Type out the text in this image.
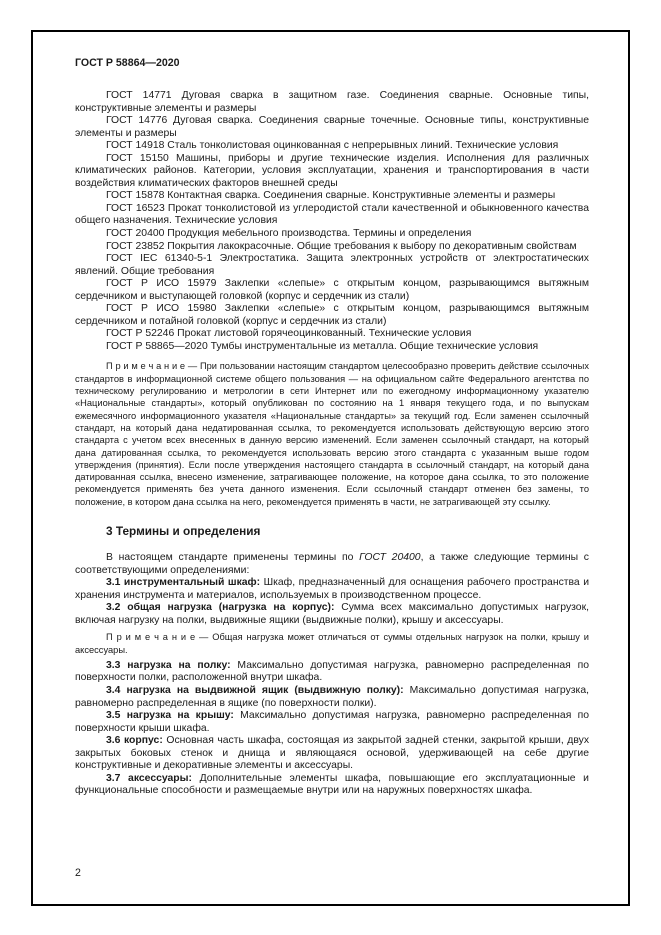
ГОСТ Р 58864—2020

ГОСТ 14771 Дуговая сварка в защитном газе. Соединения сварные. Основные типы, конструктивные элементы и размеры

ГОСТ 14776 Дуговая сварка. Соединения сварные точечные. Основные типы, конструктивные элементы и размеры

ГОСТ 14918 Сталь тонколистовая оцинкованная с непрерывных линий. Технические условия

ГОСТ 15150 Машины, приборы и другие технические изделия. Исполнения для различных климатических районов. Категории, условия эксплуатации, хранения и транспортирования в части воздействия климатических факторов внешней среды

ГОСТ 15878 Контактная сварка. Соединения сварные. Конструктивные элементы и размеры

ГОСТ 16523 Прокат тонколистовой из углеродистой стали качественной и обыкновенного качества общего назначения. Технические условия

ГОСТ 20400 Продукция мебельного производства. Термины и определения

ГОСТ 23852 Покрытия лакокрасочные. Общие требования к выбору по декоративным свойствам

ГОСТ IEC 61340-5-1 Электростатика. Защита электронных устройств от электростатических явлений. Общие требования

ГОСТ Р ИСО 15979 Заклепки «слепые» с открытым концом, разрывающимся вытяжным сердечником и выступающей головкой (корпус и сердечник из стали)

ГОСТ Р ИСО 15980 Заклепки «слепые» с открытым концом, разрывающимся вытяжным сердечником и потайной головкой (корпус и сердечник из стали)

ГОСТ Р 52246 Прокат листовой горячеоцинкованный. Технические условия

ГОСТ Р 58865—2020 Тумбы инструментальные из металла. Общие технические условия

П р и м е ч а н и е — При пользовании настоящим стандартом целесообразно проверить действие ссылочных стандартов в информационной системе общего пользования — на официальном сайте Федерального агентства по техническому регулированию и метрологии в сети Интернет или по ежегодному информационному указателю «Национальные стандарты», который опубликован по состоянию на 1 января текущего года, и по выпускам ежемесячного информационного указателя «Национальные стандарты» за текущий год. Если заменен ссылочный стандарт, на который дана недатированная ссылка, то рекомендуется использовать действующую версию этого стандарта с учетом всех внесенных в данную версию изменений. Если заменен ссылочный стандарт, на который дана датированная ссылка, то рекомендуется использовать версию этого стандарта с указанным выше годом утверждения (принятия). Если после утверждения настоящего стандарта в ссылочный стандарт, на который дана датированная ссылка, внесено изменение, затрагивающее положение, на которое дана ссылка, то это положение рекомендуется применять без учета данного изменения. Если ссылочный стандарт отменен без замены, то положение, в котором дана ссылка на него, рекомендуется применять в части, не затрагивающей эту ссылку.

3 Термины и определения

В настоящем стандарте применены термины по ГОСТ 20400, а также следующие термины с соответствующими определениями:

3.1 инструментальный шкаф: Шкаф, предназначенный для оснащения рабочего пространства и хранения инструмента и материалов, используемых в производственном процессе.

3.2 общая нагрузка (нагрузка на корпус): Сумма всех максимально допустимых нагрузок, включая нагрузку на полки, выдвижные ящики (выдвижные полки), крышу и аксессуары.

П р и м е ч а н и е — Общая нагрузка может отличаться от суммы отдельных нагрузок на полки, крышу и аксессуары.

3.3 нагрузка на полку: Максимально допустимая нагрузка, равномерно распределенная по поверхности полки, расположенной внутри шкафа.

3.4 нагрузка на выдвижной ящик (выдвижную полку): Максимально допустимая нагрузка, равномерно распределенная в ящике (по поверхности полки).

3.5 нагрузка на крышу: Максимально допустимая нагрузка, равномерно распределенная по поверхности крыши шкафа.

3.6 корпус: Основная часть шкафа, состоящая из закрытой задней стенки, закрытой крыши, двух закрытых боковых стенок и днища и являющаяся основой, удерживающей на себе другие конструктивные и декоративные элементы и аксессуары.

3.7 аксессуары: Дополнительные элементы шкафа, повышающие его эксплуатационные и функциональные способности и размещаемые внутри или на наружных поверхностях шкафа.

2
